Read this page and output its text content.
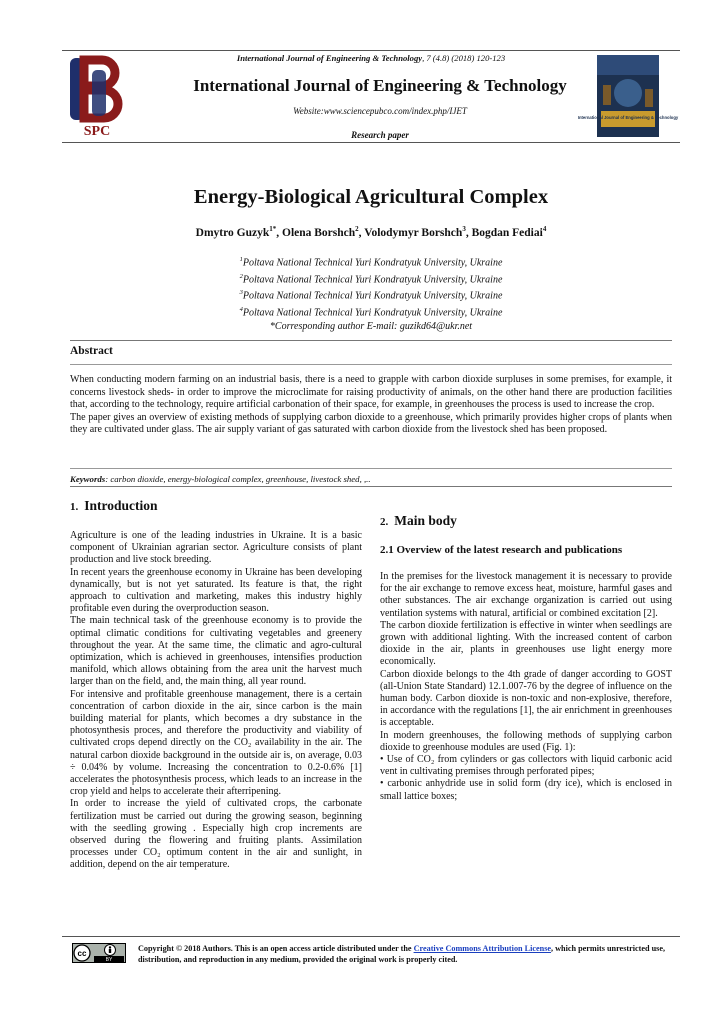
SPC
International Journal of Engineering & Technology, 7 (4.8) (2018) 120-123
International Journal of Engineering & Technology
Website:www.sciencepubco.com/index.php/IJET
Research paper
International Journal of Engineering & Technology
Energy-Biological Agricultural Complex
Dmytro Guzyk$^{1*}$, Olena Borshch$^2$, Volodymyr Borshch$^3$, Bogdan Fediai$^4$
$^1$Poltava National Technical Yuri Kondratyuk University, Ukraine
$^2$Poltava National Technical Yuri Kondratyuk University, Ukraine
$^3$Poltava National Technical Yuri Kondratyuk University, Ukraine
$^4$Poltava National Technical Yuri Kondratyuk University, Ukraine
*Corresponding author E-mail: guzikd64@ukr.net
Abstract

When conducting modern farming on an industrial basis, there is a need to grapple with carbon dioxide surpluses in some premises, for example, it concerns livestock sheds- in order to improve the microclimate for raising productivity of animals, on the other hand there are production facilities that, according to the technology, require artificial carbonation of their space, for example, in greenhouses the process is used to increase the crop.

The paper gives an overview of existing methods of supplying carbon dioxide to a greenhouse, which primarily provides higher crops of plants when they are cultivated under glass. The air supply variant of gas saturated with carbon dioxide from the livestock shed has been proposed.

Keywords: carbon dioxide, energy-biological complex, greenhouse, livestock shed, ,..
1. Introduction

Agriculture is one of the leading industries in Ukraine. It is a basic component of Ukrainian agrarian sector. Agriculture consists of plant production and live stock breeding.

In recent years the greenhouse economy in Ukraine has been developing dynamically, but is not yet saturated. Its feature is that, the right approach to cultivation and marketing, makes this industry highly profitable even during the overproduction season.

The main technical task of the greenhouse economy is to provide the optimal climatic conditions for cultivating vegetables and greenery throughout the year. At the same time, the climatic and agro-cultural optimization, which is achieved in greenhouses, intensifies production manifold, which allows obtaining from the area unit the harvest much larger than on the field, and, the main thing, all year round.

For intensive and profitable greenhouse management, there is a certain concentration of carbon dioxide in the air, since carbon is the main building material for plants, which becomes a dry substance in the photosynthesis proces, and therefore the productivity and viability of cultivated crops depend directly on the CO₂ availability in the air. The natural carbon dioxide background in the outside air is, on average, 0.03 ÷ 0.04% by volume. Increasing the concentration to 0.2-0.6% [1] accelerates the photosynthesis process, which leads to an increase in the crop yield and helps to accelerate their afterripening.

In order to increase the yield of cultivated crops, the carbonate fertilization must be carried out during the growing season, beginning with the seedling growing . Especially high crop increments are observed during the flowering and fruiting plants. Assimilation processes under CO₂ optimum content in the air and sunlight, in addition, depend on the air temperature.

2. Main body
2.1 Overview of the latest research and publications

In the premises for the livestock management it is necessary to provide for the air exchange to remove excess heat, moisture, harmful gases and other substances. The air exchange organization is carried out using ventilation systems with natural, artificial or combined excitation [2].

The carbon dioxide fertilization is effective in winter when seedlings are grown with additional lighting. With the increased content of carbon dioxide in the air, plants in greenhouses use light energy more economically.

Carbon dioxide belongs to the 4th grade of danger according to GOST (all-Union State Standard) 12.1.007-76 by the degree of influence on the human body. Carbon dioxide is non-toxic and non-explosive, therefore, in accordance with the regulations [1], the air enrichment in greenhouses is acceptable.

In modern greenhouses, the following methods of supplying carbon dioxide to greenhouse modules are used (Fig. 1):

• Use of CO₂ from cylinders or gas collectors with liquid carbonic acid vent in cultivating premises through perforated pipes;

• carbonic anhydride use in solid form (dry ice), which is enclosed in small lattice boxes;

cc
BY
Copyright © 2018 Authors. This is an open access article distributed under the Creative Commons Attribution License, which permits unrestricted use, distribution, and reproduction in any medium, provided the original work is properly cited.
